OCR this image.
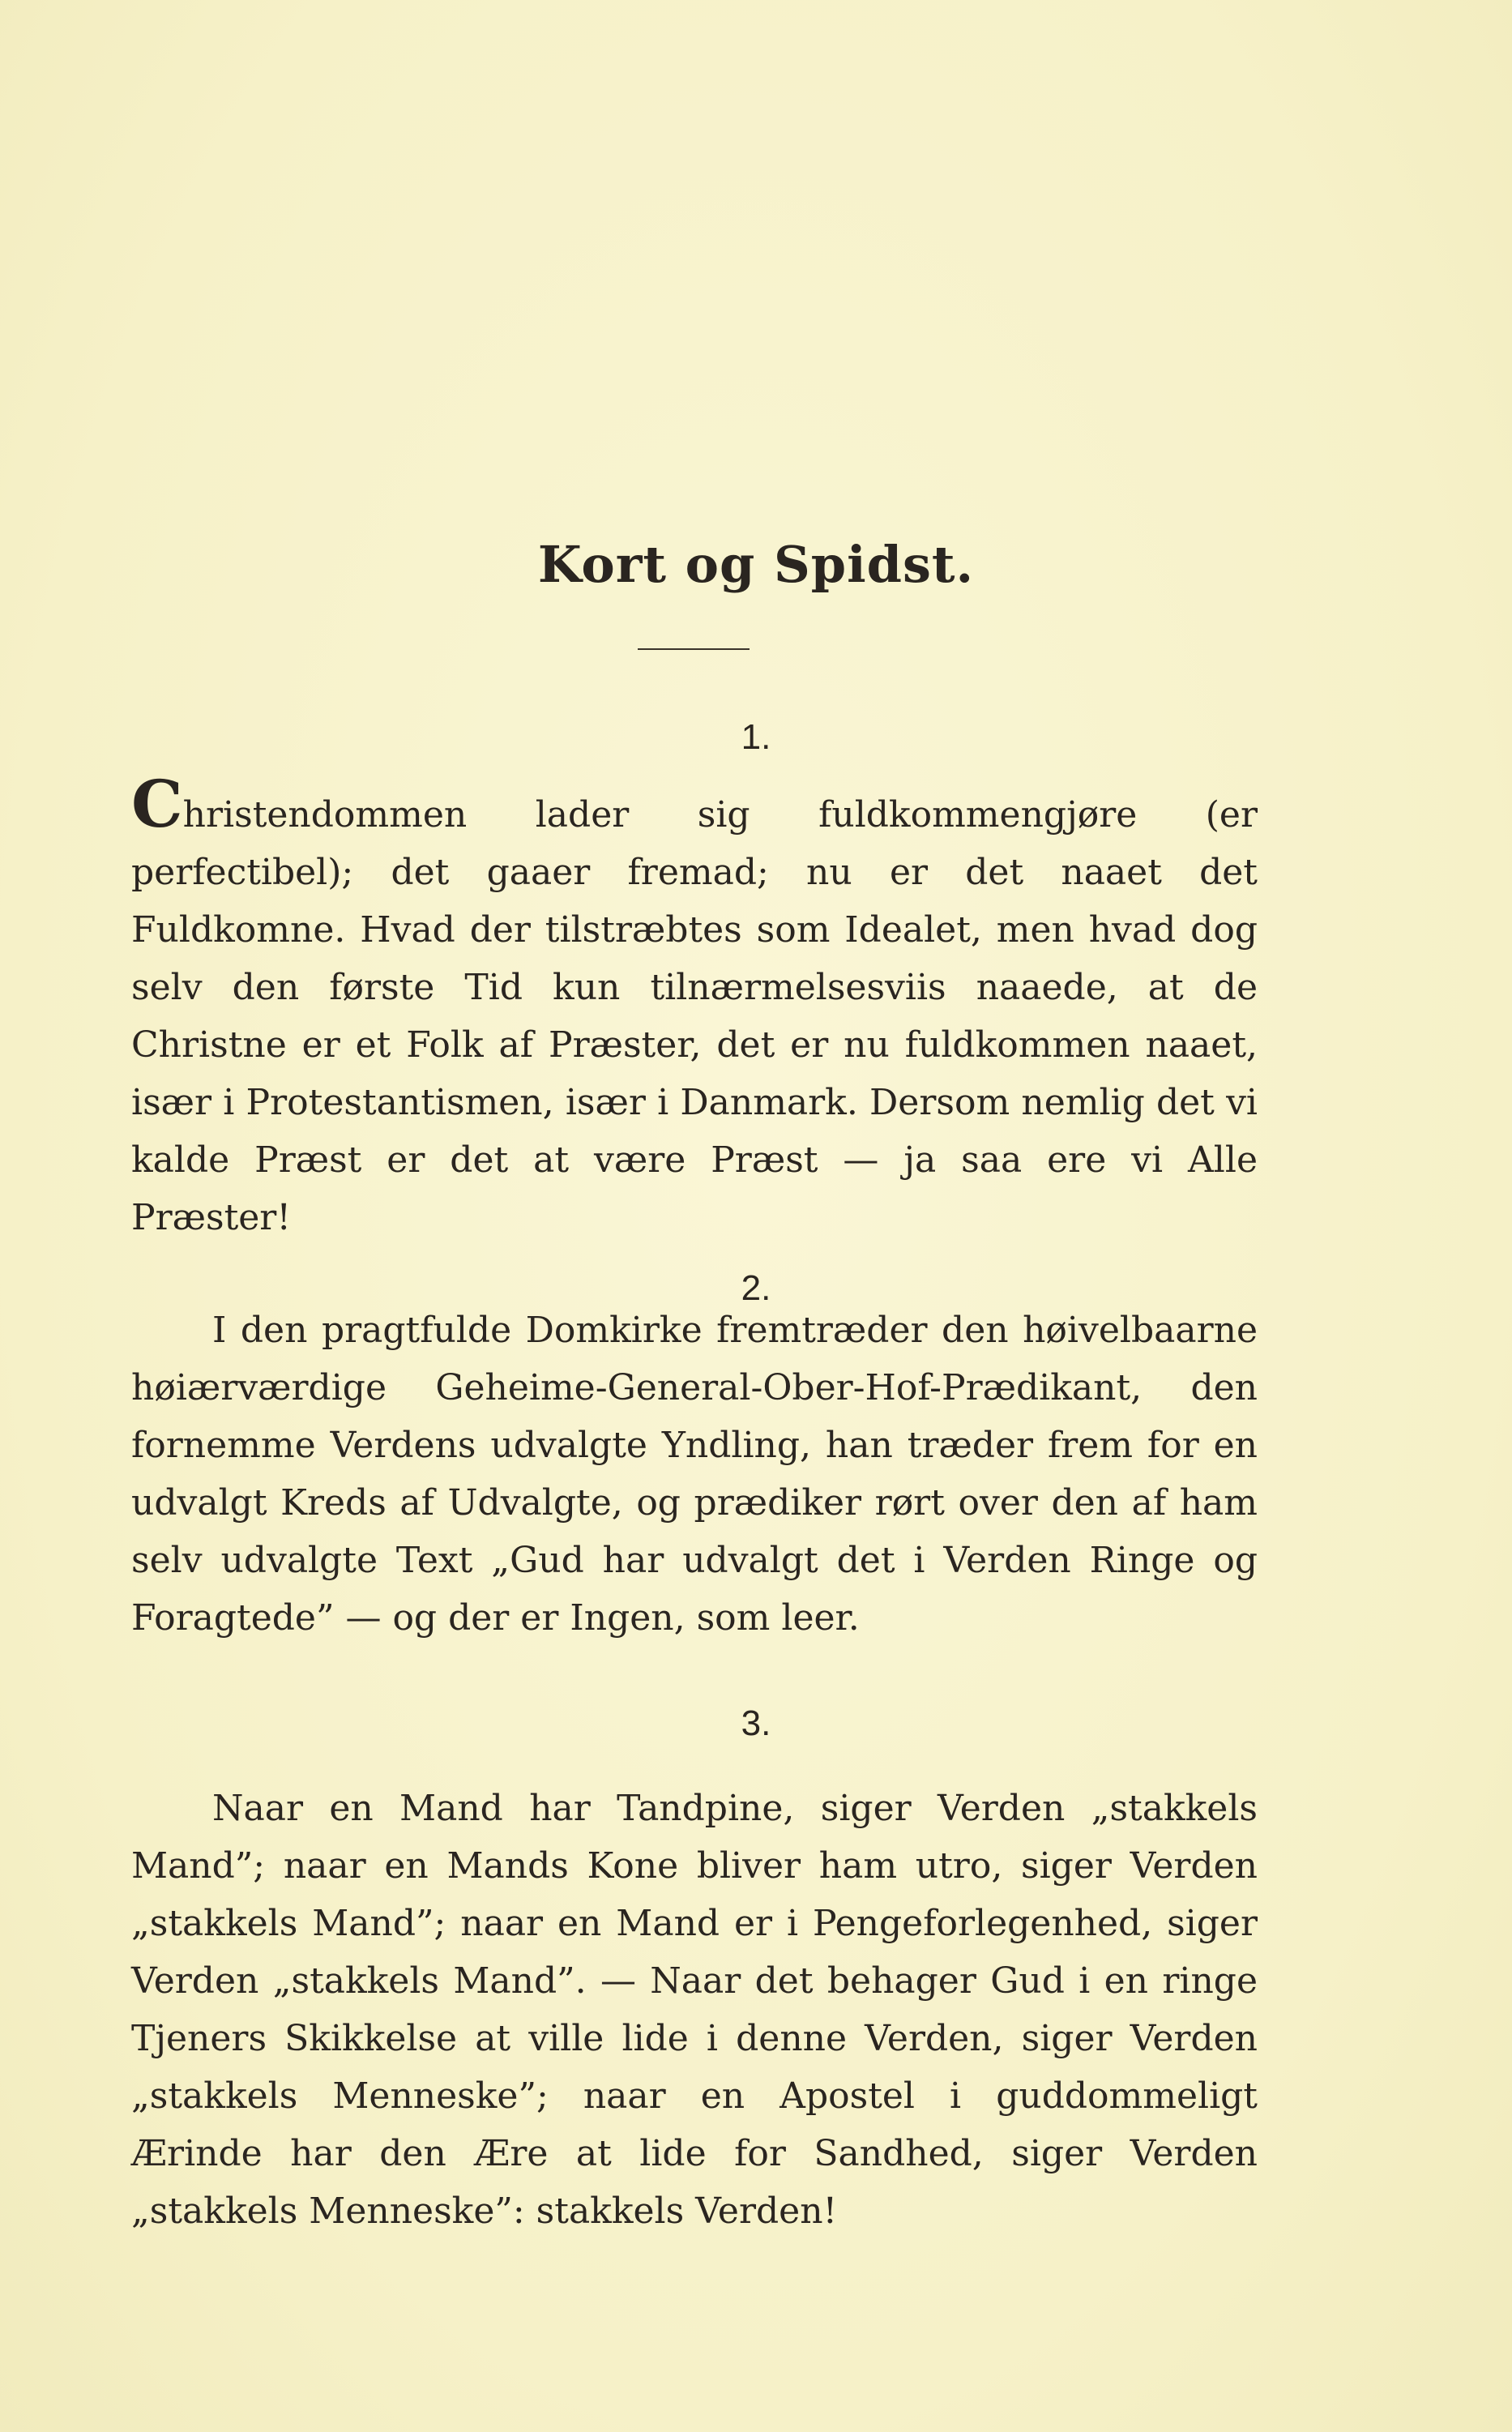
Kort og Spidst.
1.

Christendommen lader sig fuldkommengjøre (er perfectibel); det gaaer fremad; nu er det naaet det Fuldkomne. Hvad der tilstræbtes som Idealet, men hvad dog selv den første Tid kun tilnærmelsesviis naaede, at de Christne er et Folk af Præster, det er nu fuldkommen naaet, især i Protestantismen, især i Danmark. Dersom nemlig det vi kalde Præst er det at være Præst — ja saa ere vi Alle Præster!

2.

I den pragtfulde Domkirke fremtræder den høivelbaarne høiærværdige Geheime-General-Ober-Hof-Prædikant, den fornemme Verdens udvalgte Yndling, han træder frem for en udvalgt Kreds af Udvalgte, og prædiker rørt over den af ham selv udvalgte Text „Gud har udvalgt det i Verden Ringe og Foragtede” — og der er Ingen, som leer.

3.

Naar en Mand har Tandpine, siger Verden „stakkels Mand”; naar en Mands Kone bliver ham utro, siger Verden „stakkels Mand”; naar en Mand er i Pengeforlegenhed, siger Verden „stakkels Mand”. — Naar det behager Gud i en ringe Tjeners Skikkelse at ville lide i denne Verden, siger Verden „stakkels Menneske”; naar en Apostel i guddommeligt Ærinde har den Ære at lide for Sandhed, siger Verden „stakkels Menneske”: stakkels Verden!
